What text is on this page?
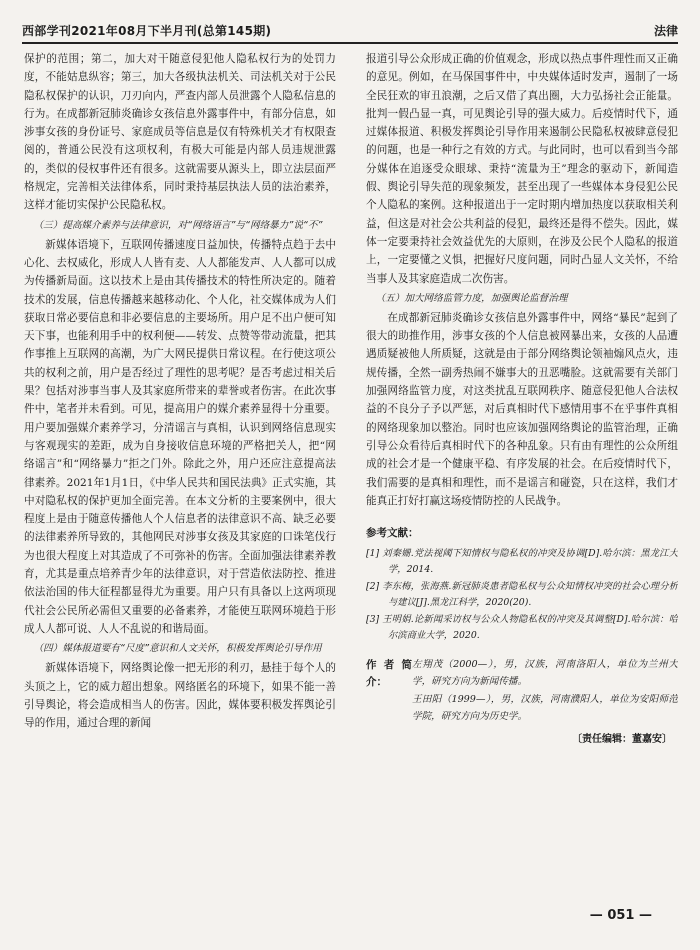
西部学刊2021年08月下半月刊(总第145期)	法律

保护的范围；第二，加大对干随意侵犯他人隐私权行为的处罚力度，不能姑息纵容；第三，加大各级执法机关、司法机关对于公民隐私权保护的认识，刀刃向内，严查内部人员泄露个人隐私信息的行为。在成都新冠肺炎确诊女孩信息外露事件中，有部分信息，如涉事女孩的身份证号、家庭成员等信息是仅有特殊机关才有权限查阅的，普通公民没有这项权利，有极大可能是内部人员违规泄露的，类似的侵权事件还有很多。这就需要从源头上，即立法层面严格规定，完善相关法律体系，同时秉持基层执法人员的法治素养，这样才能切实保护公民隐私权。

（三）提高媒介素养与法律意识，对“网络语言”与“网络暴力”说“不”

新媒体语境下，互联网传播速度日益加快，传播特点趋于去中心化、去权威化，形成人人皆有麦、人人都能发声、人人都可以成为传播新局面。这以技术上是由其传播技术的特性所决定的。随着技术的发展，信息传播越来越移动化、个人化，社交媒体成为人们获取日常必要信息和非必要信息的主要场所。用户足不出户便可知天下事，也能利用手中的权利便——转发、点赞等带动流量，把其作事推上互联网的高潮，为广大网民提供日常议程。在行使这项公共的权利之前，用户是否经过了理性的思考呢？是否考虑过相关后果？包括对涉事当事人及其家庭所带来的辈誉或者伤害。在此次事件中，笔者并未看到。可见，提高用户的媒介素养显得十分重要。用户要加强媒介素养学习，分清谣言与真相，认识到网络信息现实与客观现实的差距，成为自身接收信息环境的严格把关人，把“网络谣言”和“网络暴力”拒之门外。除此之外，用户还应注意提高法律素养。2021年1月1日，《中华人民共和国民法典》正式实施，其中对隐私权的保护更加全面完善。在本文分析的主要案例中，很大程度上是由于随意传播他人个人信息者的法律意识不高、缺乏必要的法律素养所导致的，其他网民对涉事女孩及其家庭的口诛笔伐行为也很大程度上对其造成了不可弥补的伤害。全面加强法律素养教育，尤其是重点培养青少年的法律意识，对于营造依法防控、推进依法治国的伟大征程都显得尤为重要。用户只有具备以上这两项现代社会公民所必需但又重要的必备素养，才能使互联网环境趋于形成人人都可说、人人不乱说的和谐局面。

（四）媒体报道要有“尺度”意识和人文关怀，积极发挥舆论引导作用

新媒体语境下，网络舆论像一把无形的利刃，悬挂于每个人的头顶之上，它的威力超出想象。网络匿名的环境下，如果不能一善引导舆论，将会造成相当人的伤害。因此，媒体要积极发挥舆论引导的作用，通过合理的新闻

报道引导公众形成正确的价值观念，形成以热点事件理性而又正确的意见。例如，在马保国事件中，中央媒体适时发声，遏制了一场全民狂欢的审丑浪潮，之后又借了真出圈，大力弘扬社会正能量。批判一假凸显一真，可见舆论引导的强大威力。后疫情时代下，通过媒体报道、积极发挥舆论引导作用来遏制公民隐私权被肆意侵犯的问题，也是一种行之有效的方式。与此同时，也可以看到当今部分媒体在追逐受众眼球、秉持“流量为王”理念的驱动下，新闻造假、舆论引导失范的现象频发，甚至出现了一些媒体本身侵犯公民个人隐私的案例。这种报道出于一定时期内增加热度以获取相关利益，但这是对社会公共利益的侵犯，最终还是得不偿失。因此，媒体一定要秉持社会效益优先的大原则，在涉及公民个人隐私的报道上，一定要懂之义惧，把握好尺度问题，同时凸显人文关怀，不给当事人及其家庭造成二次伤害。

（五）加大网络监管力度，加强舆论监督治理

在成都新冠肺炎确诊女孩信息外露事件中，网络“暴民”起到了很大的助推作用，涉事女孩的个人信息被网暴出来，女孩的人品遭遇质疑被他人所质疑，这就是由于部分网络舆论领袖煽风点火，违规传播，全然一副秀热闹不嫌事大的丑恶嘴脸。这就需要有关部门加强网络监管力度，对这类扰乱互联网秩序、随意侵犯他人合法权益的不良分子予以严惩，对后真相时代下感情用事不在乎事件真相的网络现象加以整治。同时也应该加强网络舆论的监管治理，正确引导公众看待后真相时代下的各种乱象。只有由有理性的公众所组成的社会才是一个健康平稳、有序发展的社会。在后疫情时代下，我们需要的是真相和理性，而不是谣言和碰瓷，只在这样，我们才能真正打好打赢这场疫情防控的人民战争。

参考文献：
[1] 刘秦姗.党法视阈下知情权与隐私权的冲突及协调[D].哈尔滨：黑龙江大学，2014.
[2] 李东梅，张海燕.新冠肺炎患者隐私权与公众知情权冲突的社会心理分析与建议[J].黑龙江科学，2020(20).
[3] 王明娟.论新闻采访权与公众人物隐私权的冲突及其调整[D].哈尔滨：哈尔滨商业大学，2020.
作者简介：

左翔茂（2000—），男，汉族，河南洛阳人，单位为兰州大学，研究方向为新闻传播。

王田阳（1999—），男，汉族，河南濮阳人，单位为安阳师范学院，研究方向为历史学。

〔责任编辑：董嘉安〕
— 051 —
